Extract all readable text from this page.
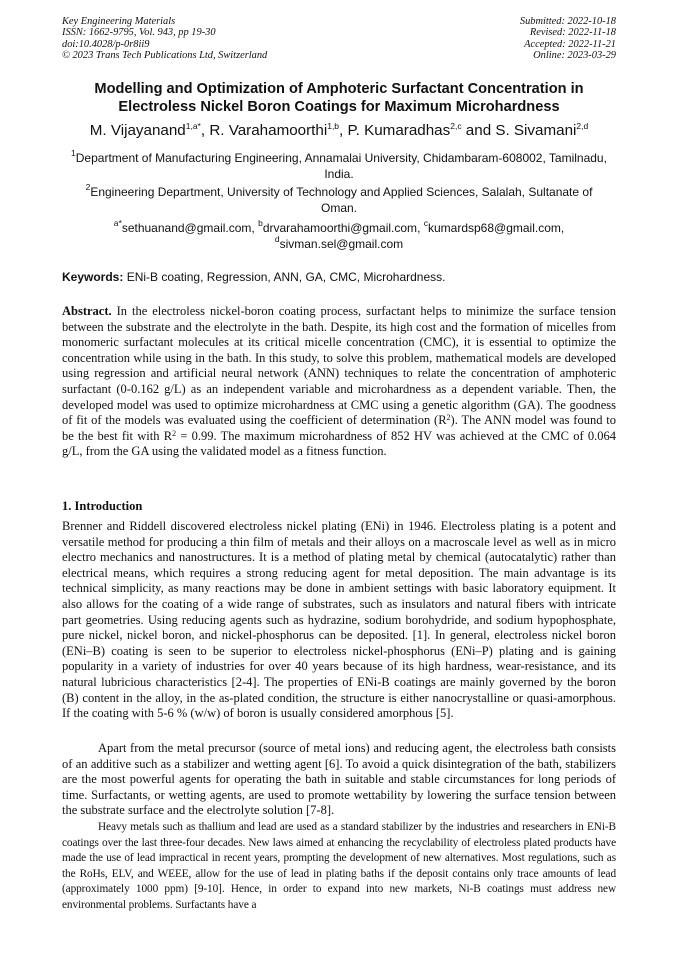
Key Engineering Materials
ISSN: 1662-9795, Vol. 943, pp 19-30
doi:10.4028/p-0r8ii9
© 2023 Trans Tech Publications Ltd, Switzerland
Submitted: 2022-10-18
Revised: 2022-11-18
Accepted: 2022-11-21
Online: 2023-03-29
Modelling and Optimization of Amphoteric Surfactant Concentration in Electroless Nickel Boron Coatings for Maximum Microhardness
M. Vijayanand$^{1,a*}$, R. Varahamoorthi$^{1,b}$, P. Kumaradhas$^{2,c}$ and S. Sivamani$^{2,d}$
$^1$Department of Manufacturing Engineering, Annamalai University, Chidambaram-608002, Tamilnadu, India.
$^2$Engineering Department, University of Technology and Applied Sciences, Salalah, Sultanate of Oman.
$^{a*}$sethuanand@gmail.com, $^b$drvarahamoorthi@gmail.com, $^c$kumardsp68@gmail.com,
$^d$sivman.sel@gmail.com
Keywords: ENi-B coating, Regression, ANN, GA, CMC, Microhardness.

Abstract. In the electroless nickel-boron coating process, surfactant helps to minimize the surface tension between the substrate and the electrolyte in the bath. Despite, its high cost and the formation of micelles from monomeric surfactant molecules at its critical micelle concentration (CMC), it is essential to optimize the concentration while using in the bath. In this study, to solve this problem, mathematical models are developed using regression and artificial neural network (ANN) techniques to relate the concentration of amphoteric surfactant (0-0.162 g/L) as an independent variable and microhardness as a dependent variable. Then, the developed model was used to optimize microhardness at CMC using a genetic algorithm (GA). The goodness of fit of the models was evaluated using the coefficient of determination $(R^2)$. The ANN model was found to be the best fit with $R^2 = 0.99$. The maximum microhardness of 852 HV was achieved at the CMC of 0.064 g/L, from the GA using the validated model as a fitness function.

1. Introduction

Brenner and Riddell discovered electroless nickel plating (ENi) in 1946. Electroless plating is a potent and versatile method for producing a thin film of metals and their alloys on a macroscale level as well as in micro electro mechanics and nanostructures. It is a method of plating metal by chemical (autocatalytic) rather than electrical means, which requires a strong reducing agent for metal deposition. The main advantage is its technical simplicity, as many reactions may be done in ambient settings with basic laboratory equipment. It also allows for the coating of a wide range of substrates, such as insulators and natural fibers with intricate part geometries. Using reducing agents such as hydrazine, sodium borohydride, and sodium hypophosphate, pure nickel, nickel boron, and nickel-phosphorus can be deposited. [1]. In general, electroless nickel boron (ENi–B) coating is seen to be superior to electroless nickel-phosphorus (ENi–P) plating and is gaining popularity in a variety of industries for over 40 years because of its high hardness, wear-resistance, and its natural lubricious characteristics [2-4]. The properties of ENi-B coatings are mainly governed by the boron (B) content in the alloy, in the as-plated condition, the structure is either nanocrystalline or quasi-amorphous. If the coating with 5-6 % (w/w) of boron is usually considered amorphous [5].

Apart from the metal precursor (source of metal ions) and reducing agent, the electroless bath consists of an additive such as a stabilizer and wetting agent [6]. To avoid a quick disintegration of the bath, stabilizers are the most powerful agents for operating the bath in suitable and stable circumstances for long periods of time. Surfactants, or wetting agents, are used to promote wettability by lowering the surface tension between the substrate surface and the electrolyte solution [7-8].

Heavy metals such as thallium and lead are used as a standard stabilizer by the industries and researchers in ENi-B coatings over the last three-four decades. New laws aimed at enhancing the recyclability of electroless plated products have made the use of lead impractical in recent years, prompting the development of new alternatives. Most regulations, such as the RoHs, ELV, and WEEE, allow for the use of lead in plating baths if the deposit contains only trace amounts of lead (approximately 1000 ppm) [9-10]. Hence, in order to expand into new markets, Ni-B coatings must address new environmental problems. Surfactants have a
